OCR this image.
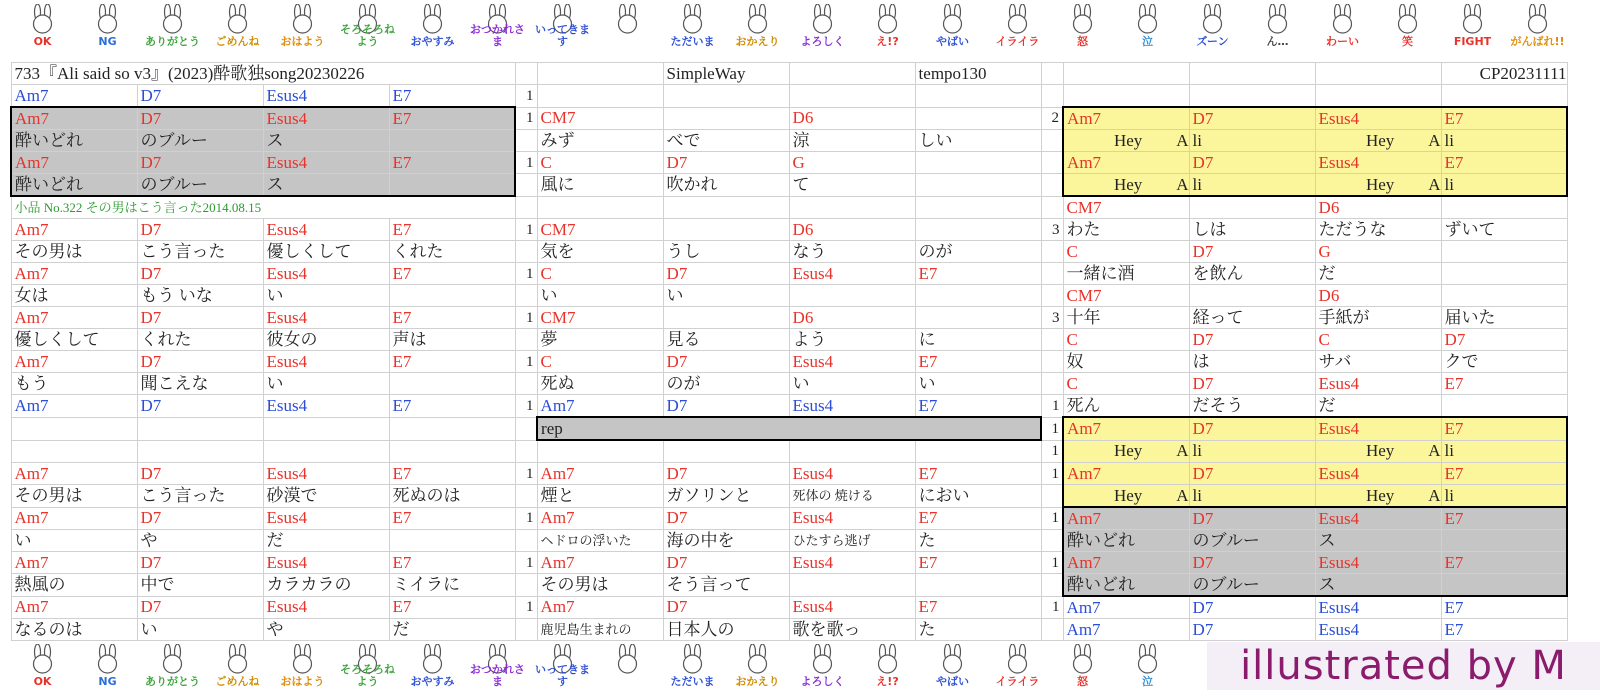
OK	NG	ありがとう	ごめんね	おはよう
そろそろねよう	おやすみ
おつかれさま
いってきます	ただいま	おかえり	よろしく	え!?	やばい	イライラ	怒	泣	ズーン	ん…	わーい	笑	FIGHT	がんばれ!!
733『Ali said so v3』(2023)酔歌独song20230226						SimpleWay		tempo130					CP20231111
Am7	D7	Esus4	E7	1									
Am7	D7	Esus4	E7	1	CM7		D6		2	Am7	D7	Esus4	E7
酔いどれ	のブルー	ス			みず	べで	涼	しい		Hey　　A	li	Hey　　A	li
Am7	D7	Esus4	E7	1	C	D7	G			Am7	D7	Esus4	E7
酔いどれ	のブルー	ス			風に	吹かれ	て			Hey　　A	li	Hey　　A	li
小品 No.322 その男はこう言った2014.08.15										CM7		D6	
Am7	D7	Esus4	E7	1	CM7		D6		3	わた	しは	ただうな	ずいて
その男は	こう言った	優しくして	くれた		気を	うし	なう	のが		C	D7	G	
Am7	D7	Esus4	E7	1	C	D7	Esus4	E7		一緒に酒	を飲ん	だ	
女は	もう いな	い			い	い				CM7		D6	
Am7	D7	Esus4	E7	1	CM7		D6		3	十年	経って	手紙が	届いた
優しくして	くれた	彼女の	声は		夢	見る	よう	に		C	D7	C	D7
Am7	D7	Esus4	E7	1	C	D7	Esus4	E7		奴	は	サバ	クで
もう	聞こえな	い			死ぬ	のが	い	い		C	D7	Esus4	E7
Am7	D7	Esus4	E7	1	Am7	D7	Esus4	E7	1	死ん	だそう	だ	
					rep				1	Am7	D7	Esus4	E7
									1	Hey　　A	li	Hey　　A	li
Am7	D7	Esus4	E7	1	Am7	D7	Esus4	E7	1	Am7	D7	Esus4	E7
その男は	こう言った	砂漠で	死ぬのは		煙と	ガソリンと	死体の 焼ける	におい		Hey　　A	li	Hey　　A	li
Am7	D7	Esus4	E7	1	Am7	D7	Esus4	E7	1	Am7	D7	Esus4	E7
い	や	だ			ヘドロの浮いた	海の中を	ひたすら逃げ	た		酔いどれ	のブルー	ス	
Am7	D7	Esus4	E7	1	Am7	D7	Esus4	E7	1	Am7	D7	Esus4	E7
熱風の	中で	カラカラの	ミイラに		その男は	そう言って				酔いどれ	のブルー	ス	
Am7	D7	Esus4	E7	1	Am7	D7	Esus4	E7	1	Am7	D7	Esus4	E7
なるのは	い	や	だ		鹿児島生まれの	日本人の	歌を歌っ	た		Am7	D7	Esus4	E7
illustrated by M
OK	NG	ありがとう	ごめんね	おはよう
そろそろねよう	おやすみ
おつかれさま
いってきます	ただいま	おかえり	よろしく	え!?	やばい	イライラ	怒	泣
